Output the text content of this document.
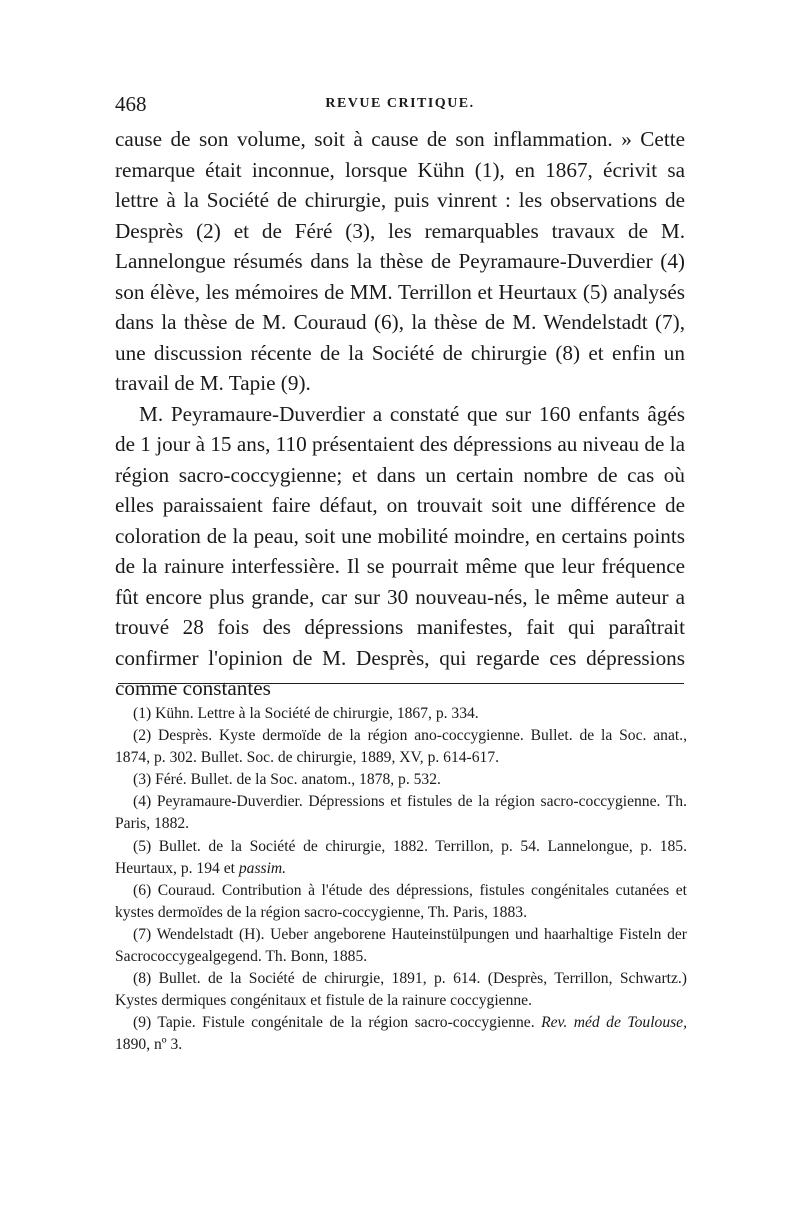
468	REVUE CRITIQUE.

cause de son volume, soit à cause de son inflammation. » Cette remarque était inconnue, lorsque Kühn (1), en 1867, écrivit sa lettre à la Société de chirurgie, puis vinrent : les observations de Desprès (2) et de Féré (3), les remarquables travaux de M. Lannelongue résumés dans la thèse de Peyramaure-Duverdier (4) son élève, les mémoires de MM. Terrillon et Heurtaux (5) analysés dans la thèse de M. Couraud (6), la thèse de M. Wendelstadt (7), une discussion récente de la Société de chirurgie (8) et enfin un travail de M. Tapie (9).

M. Peyramaure-Duverdier a constaté que sur 160 enfants âgés de 1 jour à 15 ans, 110 présentaient des dépressions au niveau de la région sacro-coccygienne; et dans un certain nombre de cas où elles paraissaient faire défaut, on trouvait soit une différence de coloration de la peau, soit une mobilité moindre, en certains points de la rainure interfessière. Il se pourrait même que leur fréquence fût encore plus grande, car sur 30 nouveau-nés, le même auteur a trouvé 28 fois des dépressions manifestes, fait qui paraîtrait confirmer l'opinion de M. Desprès, qui regarde ces dépressions comme constantes

(1) Kühn. Lettre à la Société de chirurgie, 1867, p. 334.

(2) Desprès. Kyste dermoïde de la région ano-coccygienne. Bullet. de la Soc. anat., 1874, p. 302. Bullet. Soc. de chirurgie, 1889, XV, p. 614-617.

(3) Féré. Bullet. de la Soc. anatom., 1878, p. 532.

(4) Peyramaure-Duverdier. Dépressions et fistules de la région sacro-coccygienne. Th. Paris, 1882.

(5) Bullet. de la Société de chirurgie, 1882. Terrillon, p. 54. Lannelongue, p. 185. Heurtaux, p. 194 et passim.

(6) Couraud. Contribution à l'étude des dépressions, fistules congénitales cutanées et kystes dermoïdes de la région sacro-coccygienne, Th. Paris, 1883.

(7) Wendelstadt (H). Ueber angeborene Hauteinstülpungen und haarhaltige Fisteln der Sacrococcygealgegend. Th. Bonn, 1885.

(8) Bullet. de la Société de chirurgie, 1891, p. 614. (Desprès, Terrillon, Schwartz.) Kystes dermiques congénitaux et fistule de la rainure coccygienne.

(9) Tapie. Fistule congénitale de la région sacro-coccygienne. Rev. méd de Toulouse, 1890, nº 3.
